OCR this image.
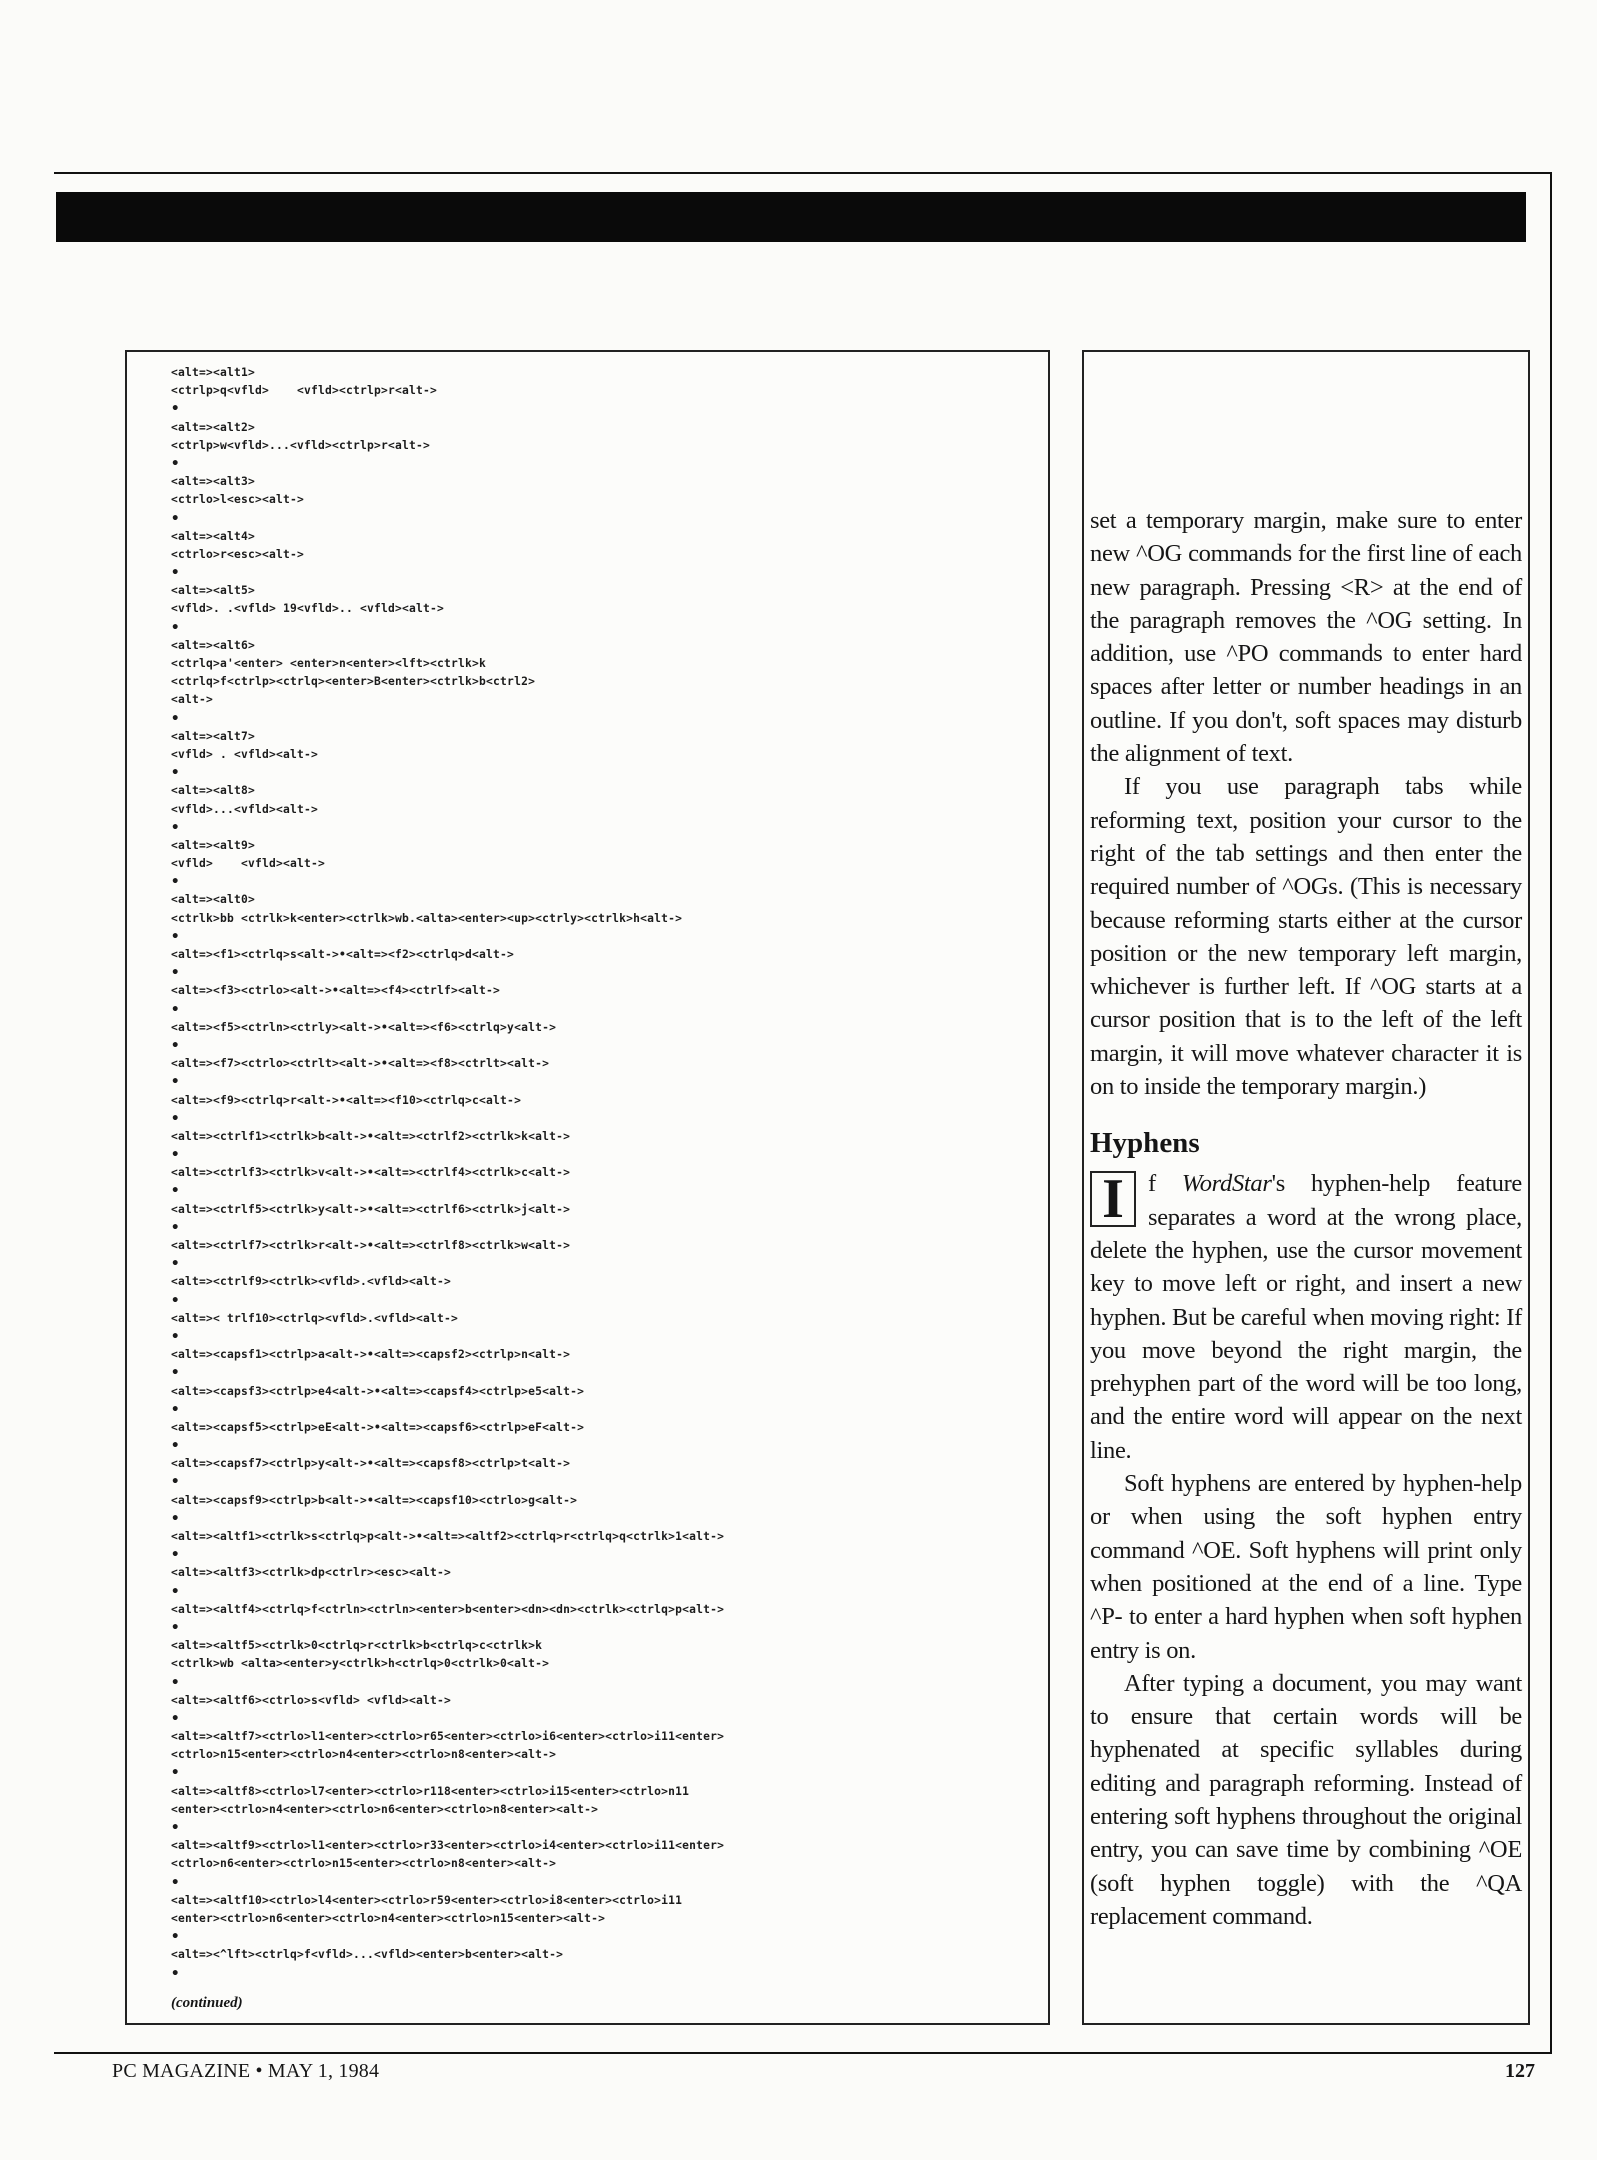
<alt=><alt1>
<ctrlp>q<vfld>    <vfld><ctrlp>r<alt->
•
<alt=><alt2>
<ctrlp>w<vfld>...<vfld><ctrlp>r<alt->
•
<alt=><alt3>
<ctrlo>l<esc><alt->
•
<alt=><alt4>
<ctrlo>r<esc><alt->
•
<alt=><alt5>
<vfld>. .<vfld> 19<vfld>.. <vfld><alt->
•
<alt=><alt6>
<ctrlq>a'<enter> <enter>n<enter><lft><ctrlk>k
<ctrlq>f<ctrlp><ctrlq><enter>B<enter><ctrlk>b<ctrl2>
<alt->
•
<alt=><alt7>
<vfld> . <vfld><alt->
•
<alt=><alt8>
<vfld>...<vfld><alt->
•
<alt=><alt9>
<vfld>    <vfld><alt->
•
<alt=><alt0>
<ctrlk>bb <ctrlk>k<enter><ctrlk>wb.<alta><enter><up><ctrly><ctrlk>h<alt->
•
<alt=><f1><ctrlq>s<alt->•<alt=><f2><ctrlq>d<alt->
•
<alt=><f3><ctrlo><alt->•<alt=><f4><ctrlf><alt->
•
<alt=><f5><ctrln><ctrly><alt->•<alt=><f6><ctrlq>y<alt->
•
<alt=><f7><ctrlo><ctrlt><alt->•<alt=><f8><ctrlt><alt->
•
<alt=><f9><ctrlq>r<alt->•<alt=><f10><ctrlq>c<alt->
•
<alt=><ctrlf1><ctrlk>b<alt->•<alt=><ctrlf2><ctrlk>k<alt->
•
<alt=><ctrlf3><ctrlk>v<alt->•<alt=><ctrlf4><ctrlk>c<alt->
•
<alt=><ctrlf5><ctrlk>y<alt->•<alt=><ctrlf6><ctrlk>j<alt->
•
<alt=><ctrlf7><ctrlk>r<alt->•<alt=><ctrlf8><ctrlk>w<alt->
•
<alt=><ctrlf9><ctrlk><vfld>.<vfld><alt->
•
<alt=>< trlf10><ctrlq><vfld>.<vfld><alt->
•
<alt=><capsf1><ctrlp>a<alt->•<alt=><capsf2><ctrlp>n<alt->
•
<alt=><capsf3><ctrlp>e4<alt->•<alt=><capsf4><ctrlp>e5<alt->
•
<alt=><capsf5><ctrlp>eE<alt->•<alt=><capsf6><ctrlp>eF<alt->
•
<alt=><capsf7><ctrlp>y<alt->•<alt=><capsf8><ctrlp>t<alt->
•
<alt=><capsf9><ctrlp>b<alt->•<alt=><capsf10><ctrlo>g<alt->
•
<alt=><altf1><ctrlk>s<ctrlq>p<alt->•<alt=><altf2><ctrlq>r<ctrlq>q<ctrlk>1<alt->
•
<alt=><altf3><ctrlk>dp<ctrlr><esc><alt->
•
<alt=><altf4><ctrlq>f<ctrln><ctrln><enter>b<enter><dn><dn><ctrlk><ctrlq>p<alt->
•
<alt=><altf5><ctrlk>0<ctrlq>r<ctrlk>b<ctrlq>c<ctrlk>k
<ctrlk>wb <alta><enter>y<ctrlk>h<ctrlq>0<ctrlk>0<alt->
•
<alt=><altf6><ctrlo>s<vfld> <vfld><alt->
•
<alt=><altf7><ctrlo>l1<enter><ctrlo>r65<enter><ctrlo>i6<enter><ctrlo>i11<enter>
<ctrlo>n15<enter><ctrlo>n4<enter><ctrlo>n8<enter><alt->
•
<alt=><altf8><ctrlo>l7<enter><ctrlo>r118<enter><ctrlo>i15<enter><ctrlo>n11
<enter><ctrlo>n4<enter><ctrlo>n6<enter><ctrlo>n8<enter><alt->
•
<alt=><altf9><ctrlo>l1<enter><ctrlo>r33<enter><ctrlo>i4<enter><ctrlo>i11<enter>
<ctrlo>n6<enter><ctrlo>n15<enter><ctrlo>n8<enter><alt->
•
<alt=><altf10><ctrlo>l4<enter><ctrlo>r59<enter><ctrlo>i8<enter><ctrlo>i11
<enter><ctrlo>n6<enter><ctrlo>n4<enter><ctrlo>n15<enter><alt->
•
<alt=><^lft><ctrlq>f<vfld>...<vfld><enter>b<enter><alt->
•
(continued)

set a temporary margin, make sure to enter new ^OG commands for the first line of each new paragraph. Pressing <R> at the end of the paragraph removes the ^OG setting. In addition, use ^PO commands to enter hard spaces after letter or number headings in an outline. If you don't, soft spaces may disturb the alignment of text.

If you use paragraph tabs while reforming text, position your cursor to the right of the tab settings and then enter the required number of ^OGs. (This is necessary because reforming starts either at the cursor position or the new temporary left margin, whichever is further left. If ^OG starts at a cursor position that is to the left of the left margin, it will move whatever character it is on to inside the temporary margin.)

Hyphens
I f WordStar's hyphen-help feature separates a word at the wrong place, delete the hyphen, use the cursor movement key to move left or right, and insert a new hyphen. But be careful when moving right: If you move beyond the right margin, the prehyphen part of the word will be too long, and the entire word will appear on the next line.

Soft hyphens are entered by hyphen-help or when using the soft hyphen entry command ^OE. Soft hyphens will print only when positioned at the end of a line. Type ^P- to enter a hard hyphen when soft hyphen entry is on.

After typing a document, you may want to ensure that certain words will be hyphenated at specific syllables during editing and paragraph reforming. Instead of entering soft hyphens throughout the original entry, you can save time by combining ^OE (soft hyphen toggle) with the ^QA replacement command.

PC MAGAZINE • MAY 1, 1984	127
